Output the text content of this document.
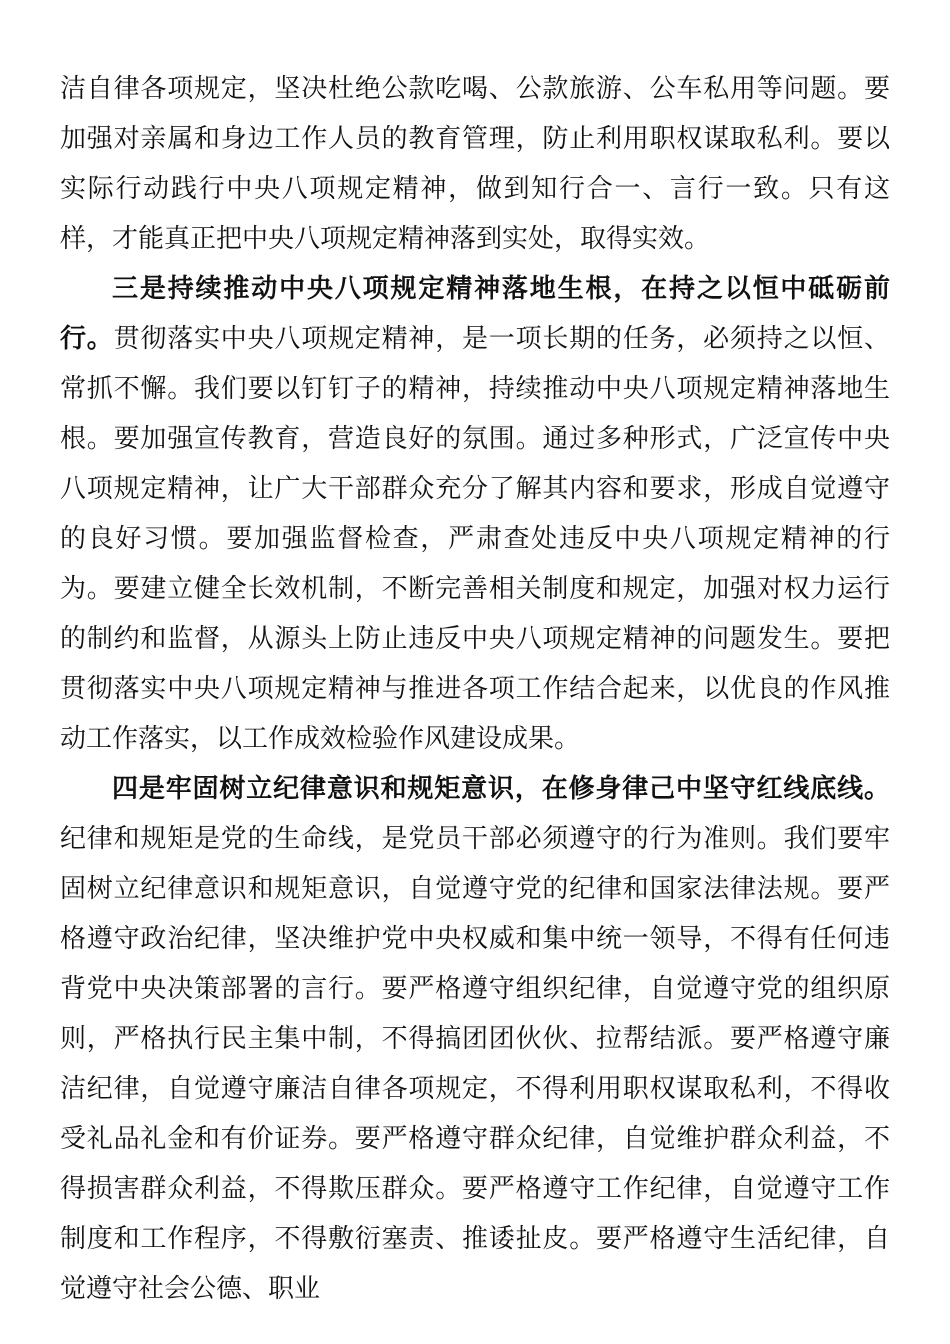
洁自律各项规定，坚决杜绝公款吃喝、公款旅游、公车私用等问题。要加强对亲属和身边工作人员的教育管理，防止利用职权谋取私利。要以实际行动践行中央八项规定精神，做到知行合一、言行一致。只有这样，才能真正把中央八项规定精神落到实处，取得实效。

三是持续推动中央八项规定精神落地生根，在持之以恒中砥砺前行。贯彻落实中央八项规定精神，是一项长期的任务，必须持之以恒、常抓不懈。我们要以钉钉子的精神，持续推动中央八项规定精神落地生根。要加强宣传教育，营造良好的氛围。通过多种形式，广泛宣传中央八项规定精神，让广大干部群众充分了解其内容和要求，形成自觉遵守的良好习惯。要加强监督检查，严肃查处违反中央八项规定精神的行为。要建立健全长效机制，不断完善相关制度和规定，加强对权力运行的制约和监督，从源头上防止违反中央八项规定精神的问题发生。要把贯彻落实中央八项规定精神与推进各项工作结合起来，以优良的作风推动工作落实，以工作成效检验作风建设成果。

四是牢固树立纪律意识和规矩意识，在修身律己中坚守红线底线。纪律和规矩是党的生命线，是党员干部必须遵守的行为准则。我们要牢固树立纪律意识和规矩意识，自觉遵守党的纪律和国家法律法规。要严格遵守政治纪律，坚决维护党中央权威和集中统一领导，不得有任何违背党中央决策部署的言行。要严格遵守组织纪律，自觉遵守党的组织原则，严格执行民主集中制，不得搞团团伙伙、拉帮结派。要严格遵守廉洁纪律，自觉遵守廉洁自律各项规定，不得利用职权谋取私利，不得收受礼品礼金和有价证券。要严格遵守群众纪律，自觉维护群众利益，不得损害群众利益，不得欺压群众。要严格遵守工作纪律，自觉遵守工作制度和工作程序，不得敷衍塞责、推诿扯皮。要严格遵守生活纪律，自觉遵守社会公德、职业
